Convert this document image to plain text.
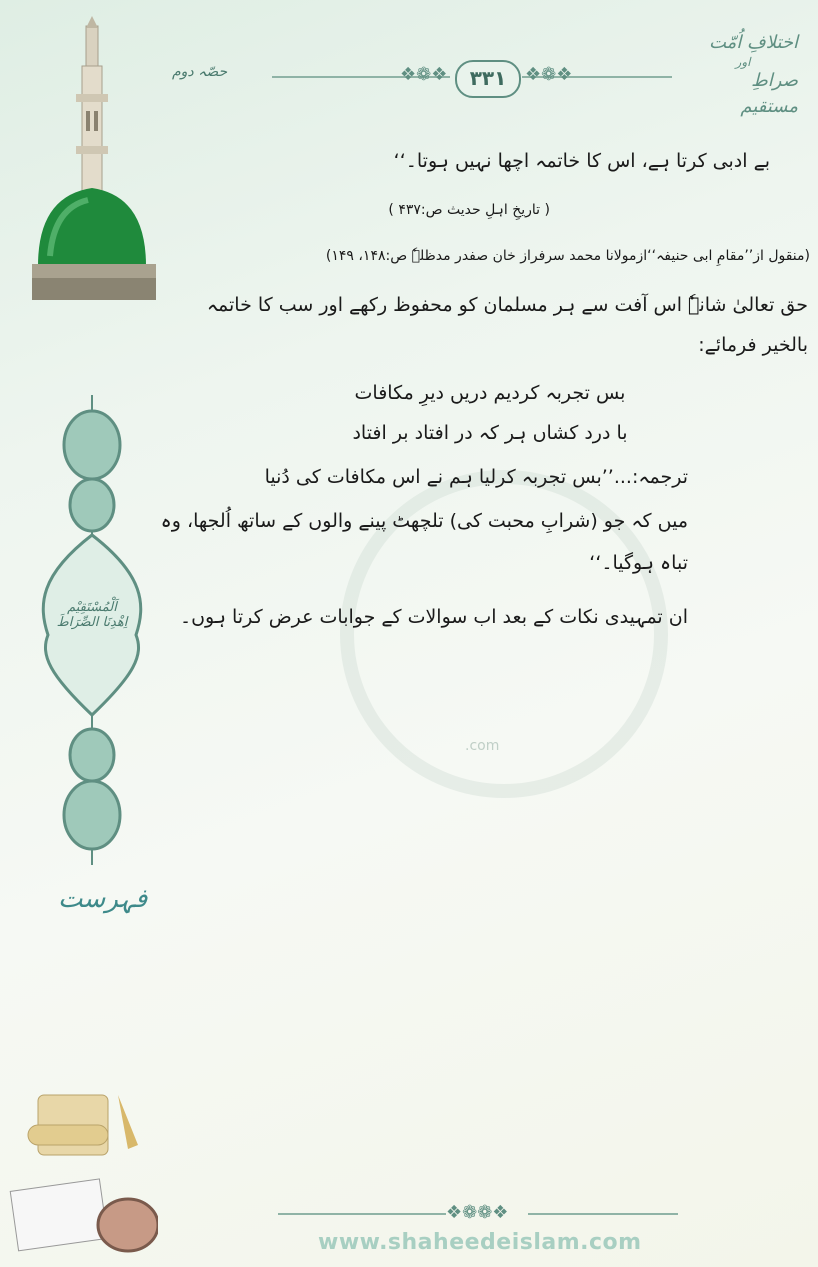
❖❁❖	❖❁❖
۳۳۱
حصّہ دوم
اختلافِ اُمّت
اور
صراطِ مستقیم
اَلْمُسْتَقِیْم
اِھْدِنَا الصِّرَاطَ
فہرست
.com
بے ادبی کرتا ہے، اس کا خاتمہ اچھا نہیں ہوتا۔‘‘
( تاریخِ اہلِ حدیث ص:۴۳۷ )
(منقول از’’مقامِ ابی حنیفہ‘‘ازمولانا محمد سرفراز خان صفدر مدظلہٗ ص:۱۴۸، ۱۴۹)
حق تعالیٰ شانہٗ اس آفت سے ہر مسلمان کو محفوظ رکھے اور سب کا خاتمہ
بالخیر فرمائے:
بس تجربہ کردیم دریں دیرِ مکافات
با درد کشاں ہر کہ در افتاد بر افتاد
ترجمہ:...’’بس تجربہ کرلیا ہم نے اس مکافات کی دُنیا
میں کہ جو (شرابِ محبت کی) تلچھٹ پینے والوں کے ساتھ اُلجھا، وہ
تباہ ہوگیا۔‘‘
ان تمہیدی نکات کے بعد اب سوالات کے جوابات عرض کرتا ہوں۔
❖❁❁❖
www.shaheedeislam.com
